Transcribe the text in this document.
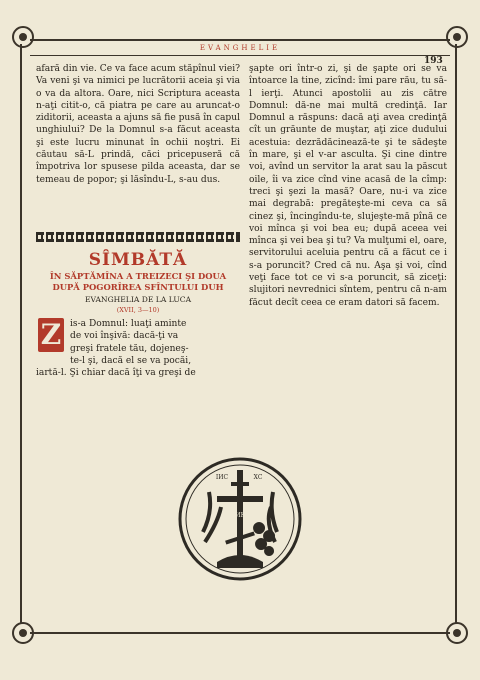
EVANGHELIE
193

afară din vie. Ce va face acum stăpînul viei? Va veni şi va nimici pe lucrătorii aceia şi via o va da altora. Oare, nici Scriptura aceasta n-aţi citit-o, că piatra pe care au aruncat-o ziditorii, aceasta a ajuns să fie pusă în capul unghiului? De la Domnul s-a făcut aceasta şi este lucru minunat în ochii noştri. Ei căutau să-L prindă, căci pricepuseră că împotriva lor spusese pilda aceasta, dar se temeau de popor; şi lăsîndu-L, s-au dus.

SÎMBĂTĂ
ÎN SĂPTĂMÎNA A TREIZECI ŞI DOUA
DUPĂ POGORÎREA SFÎNTULUI DUH
EVANGHELIA DE LA LUCA
(XVII, 3—10)
Z is-a Domnul: luaţi aminte
de voi înşivă: dacă-ţi va
greşi fratele tău, dojeneş-
te-l şi, dacă el se va pocăi,
iartă-l. Şi chiar dacă îţi va greşi de

şapte ori într-o zi, şi de şapte ori se va întoarce la tine, zicînd: îmi pare rău, tu să-l ierţi. Atunci apostolii au zis către Domnul: dă-ne mai multă credinţă. Iar Domnul a răspuns: dacă aţi avea credinţă cît un grăunte de muştar, aţi zice dudului acestuia: dezrădăcinează-te şi te sădeşte în mare, şi el v-ar asculta. Şi cine dintre voi, avînd un servitor la arat sau la păscut oile, îi va zice cînd vine acasă de la cîmp: treci şi şezi la masă? Oare, nu-i va zice mai degrabă: pregăteşte-mi ceva ca să cinez şi, încingîndu-te, slujeşte-mă pînă ce voi mînca şi voi bea eu; după aceea vei mînca şi vei bea şi tu? Va mulţumi el, oare, servitorului aceluia pentru că a făcut ce i s-a poruncit? Cred că nu. Aşa şi voi, cînd veţi face tot ce vi s-a poruncit, să ziceţi: slujitori nevrednici sîntem, pentru că n-am făcut decît ceea ce eram datori să facem.

IИС	ХС
НИКА
